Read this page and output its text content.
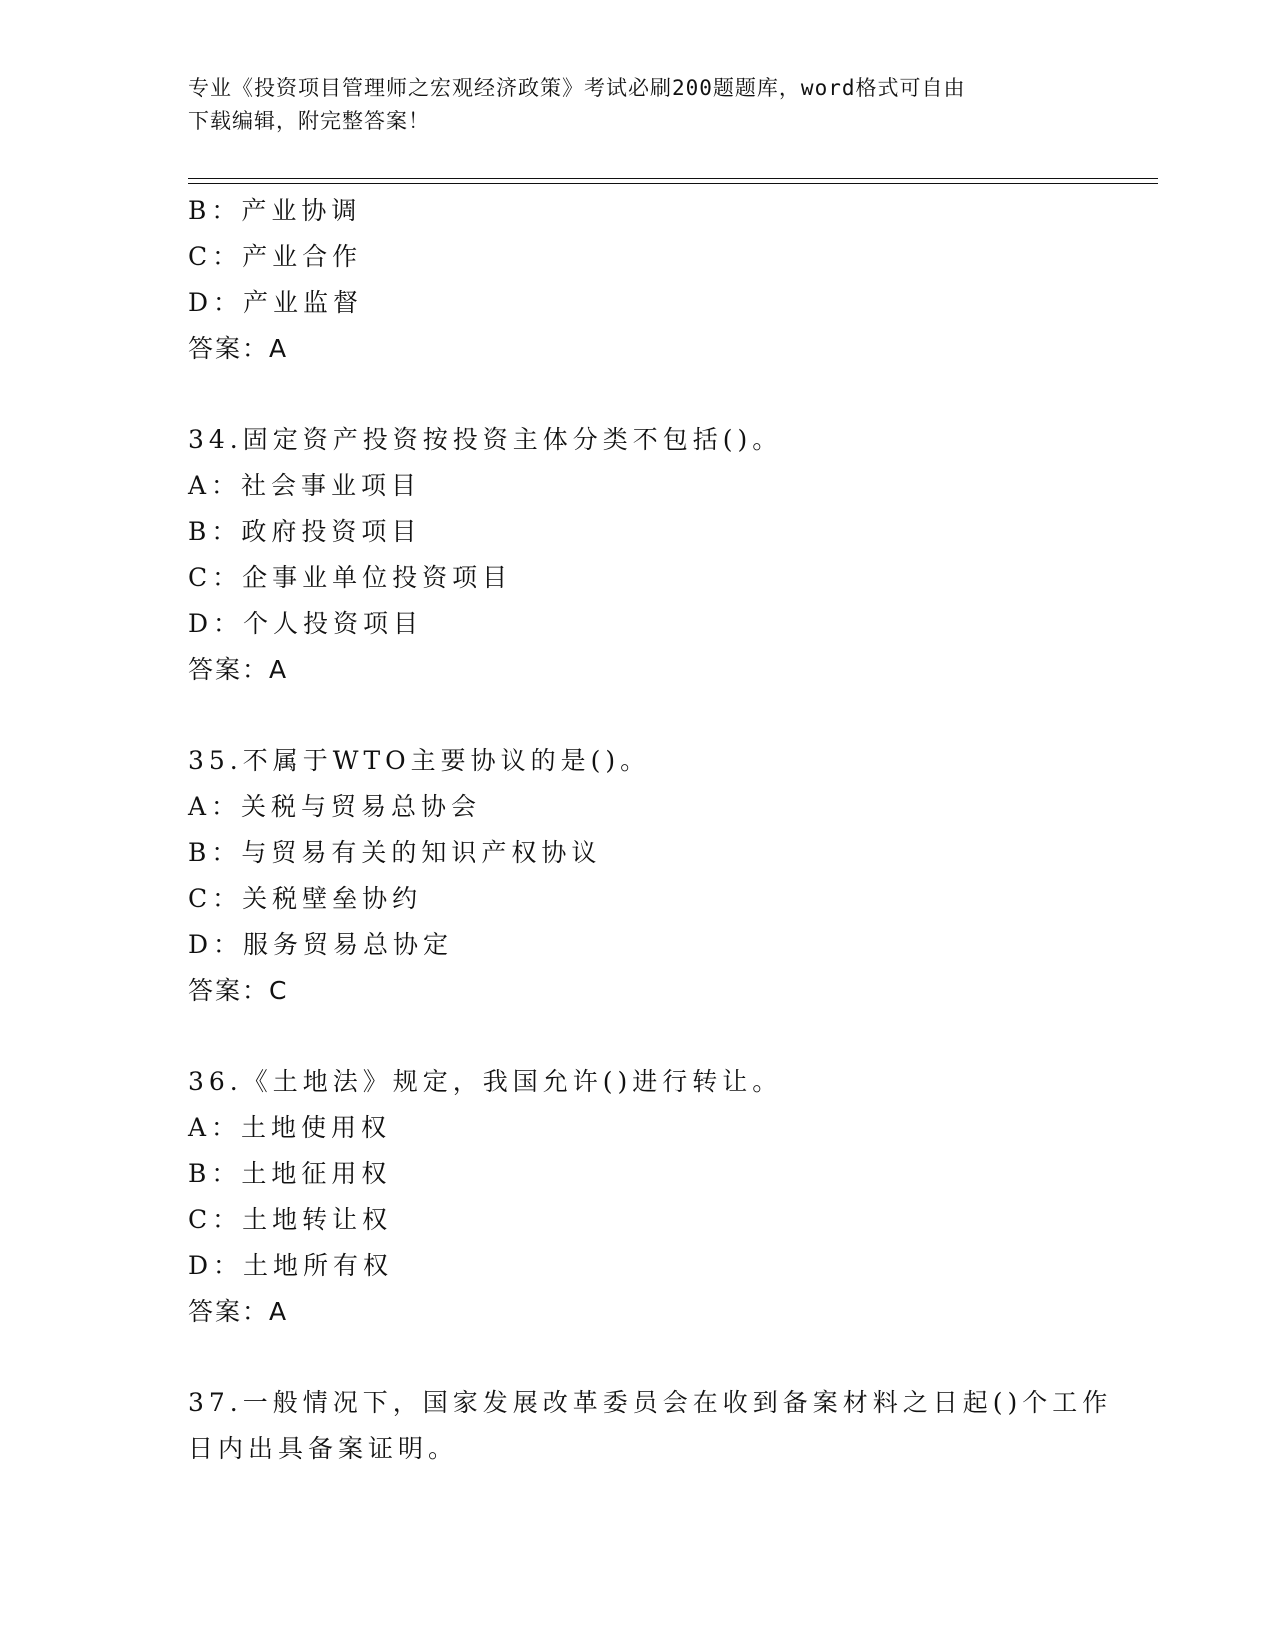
专业《投资项目管理师之宏观经济政策》考试必刷200题题库，word格式可自由
下载编辑，附完整答案！
B：产业协调
C：产业合作
D：产业监督
答案：A
34.固定资产投资按投资主体分类不包括()。
A：社会事业项目
B：政府投资项目
C：企事业单位投资项目
D：个人投资项目
答案：A
35.不属于WTO主要协议的是()。
A：关税与贸易总协会
B：与贸易有关的知识产权协议
C：关税壁垒协约
D：服务贸易总协定
答案：C
36.《土地法》规定，我国允许()进行转让。
A：土地使用权
B：土地征用权
C：土地转让权
D：土地所有权
答案：A
37.一般情况下，国家发展改革委员会在收到备案材料之日起()个工作
日内出具备案证明。
